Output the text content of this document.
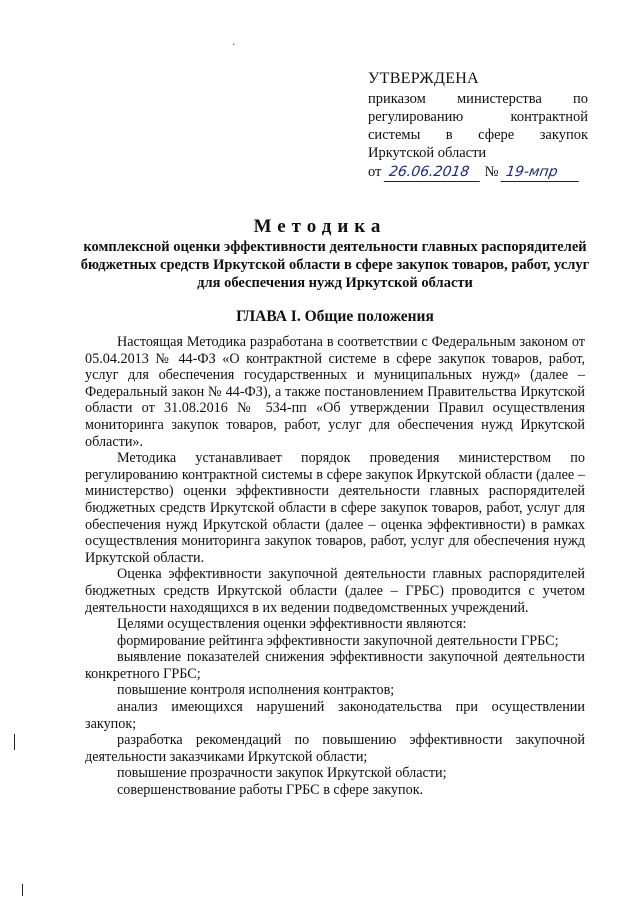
·
УТВЕРЖДЕНА
приказом министерства по
регулированию контрактной
системы в сфере закупок
Иркутской области
от 26.06.2018 № 19-мпр
Методика
комплексной оценки эффективности деятельности главных распорядителей бюджетных средств Иркутской области в сфере закупок товаров, работ, услуг для обеспечения нужд Иркутской области
ГЛАВА I. Общие положения

Настоящая Методика разработана в соответствии с Федеральным законом от 05.04.2013 № 44-ФЗ «О контрактной системе в сфере закупок товаров, работ, услуг для обеспечения государственных и муниципальных нужд» (далее – Федеральный закон № 44-ФЗ), а также постановлением Правительства Иркутской области от 31.08.2016 № 534-пп «Об утверждении Правил осуществления мониторинга закупок товаров, работ, услуг для обеспечения нужд Иркутской области».

Методика устанавливает порядок проведения министерством по регулированию контрактной системы в сфере закупок Иркутской области (далее – министерство) оценки эффективности деятельности главных распорядителей бюджетных средств Иркутской области в сфере закупок товаров, работ, услуг для обеспечения нужд Иркутской области (далее – оценка эффективности) в рамках осуществления мониторинга закупок товаров, работ, услуг для обеспечения нужд Иркутской области.

Оценка эффективности закупочной деятельности главных распорядителей бюджетных средств Иркутской области (далее – ГРБС) проводится с учетом деятельности находящихся в их ведении подведомственных учреждений.

Целями осуществления оценки эффективности являются:

формирование рейтинга эффективности закупочной деятельности ГРБС;

выявление показателей снижения эффективности закупочной деятельности конкретного ГРБС;

повышение контроля исполнения контрактов;

анализ имеющихся нарушений законодательства при осуществлении закупок;

разработка рекомендаций по повышению эффективности закупочной деятельности заказчиками Иркутской области;

повышение прозрачности закупок Иркутской области;

совершенствование работы ГРБС в сфере закупок.
